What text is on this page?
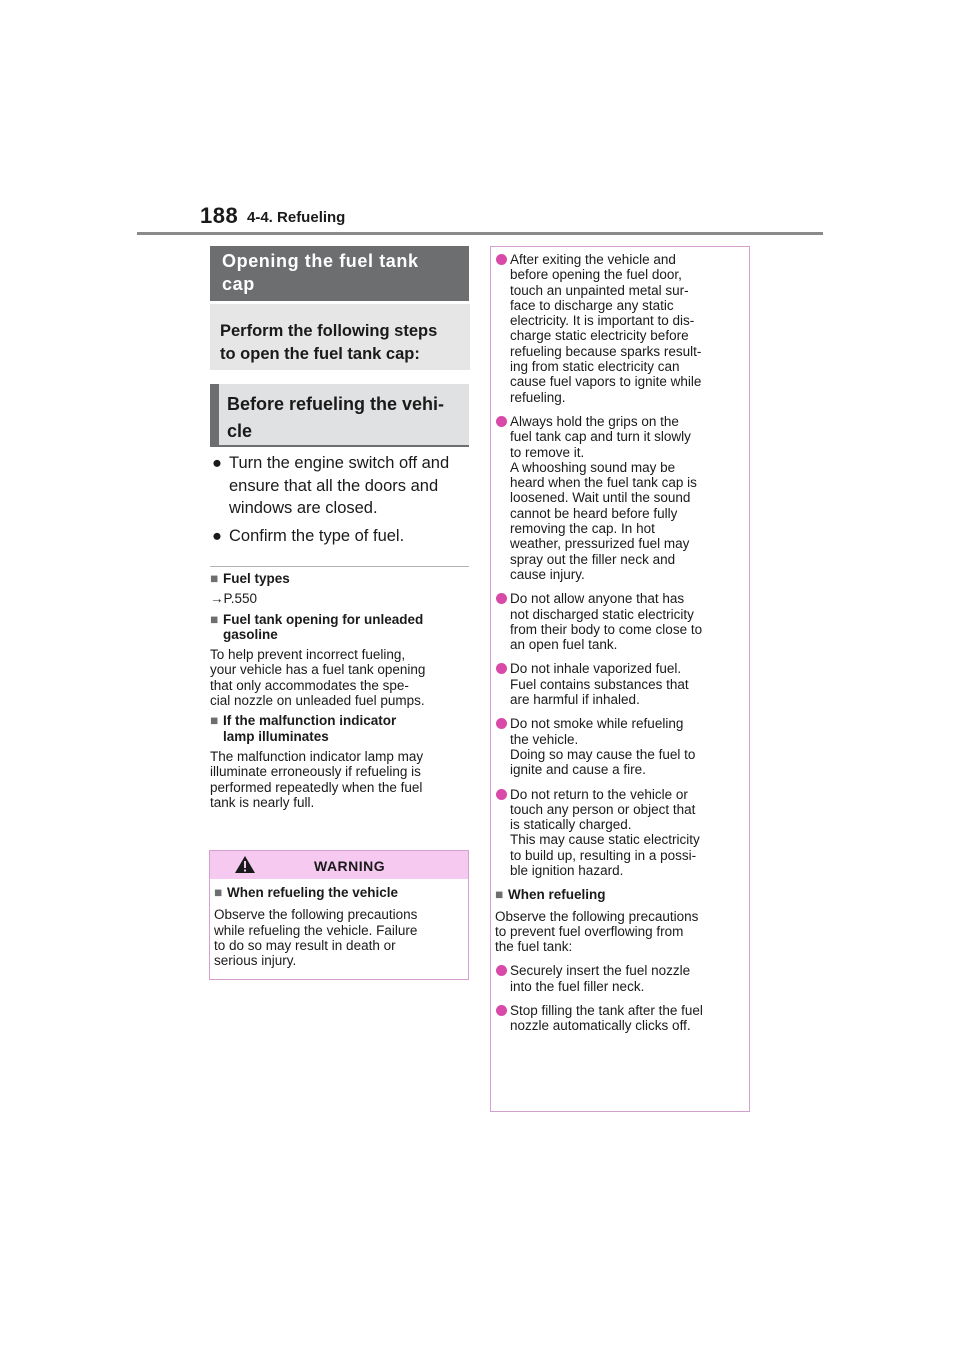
188 4-4. Refueling
Opening the fuel tank
cap
Perform the following steps
to open the fuel tank cap:
Before refueling the vehi-
cle
● Turn the engine switch off and
ensure that all the doors and
windows are closed.
● Confirm the type of fuel.
■ Fuel types
→P.550
■ Fuel tank opening for unleaded
gasoline
To help prevent incorrect fueling,
your vehicle has a fuel tank opening
that only accommodates the spe-
cial nozzle on unleaded fuel pumps.
■ If the malfunction indicator
lamp illuminates
The malfunction indicator lamp may
illuminate erroneously if refueling is
performed repeatedly when the fuel
tank is nearly full.
WARNING
■ When refueling the vehicle
Observe the following precautions
while refueling the vehicle. Failure
to do so may result in death or
serious injury.
After exiting the vehicle and
before opening the fuel door,
touch an unpainted metal sur-
face to discharge any static
electricity. It is important to dis-
charge static electricity before
refueling because sparks result-
ing from static electricity can
cause fuel vapors to ignite while
refueling.
Always hold the grips on the
fuel tank cap and turn it slowly
to remove it.
A whooshing sound may be
heard when the fuel tank cap is
loosened. Wait until the sound
cannot be heard before fully
removing the cap. In hot
weather, pressurized fuel may
spray out the filler neck and
cause injury.
Do not allow anyone that has
not discharged static electricity
from their body to come close to
an open fuel tank.
Do not inhale vaporized fuel.
Fuel contains substances that
are harmful if inhaled.
Do not smoke while refueling
the vehicle.
Doing so may cause the fuel to
ignite and cause a fire.
Do not return to the vehicle or
touch any person or object that
is statically charged.
This may cause static electricity
to build up, resulting in a possi-
ble ignition hazard.
■ When refueling
Observe the following precautions
to prevent fuel overflowing from
the fuel tank:
Securely insert the fuel nozzle
into the fuel filler neck.
Stop filling the tank after the fuel
nozzle automatically clicks off.
